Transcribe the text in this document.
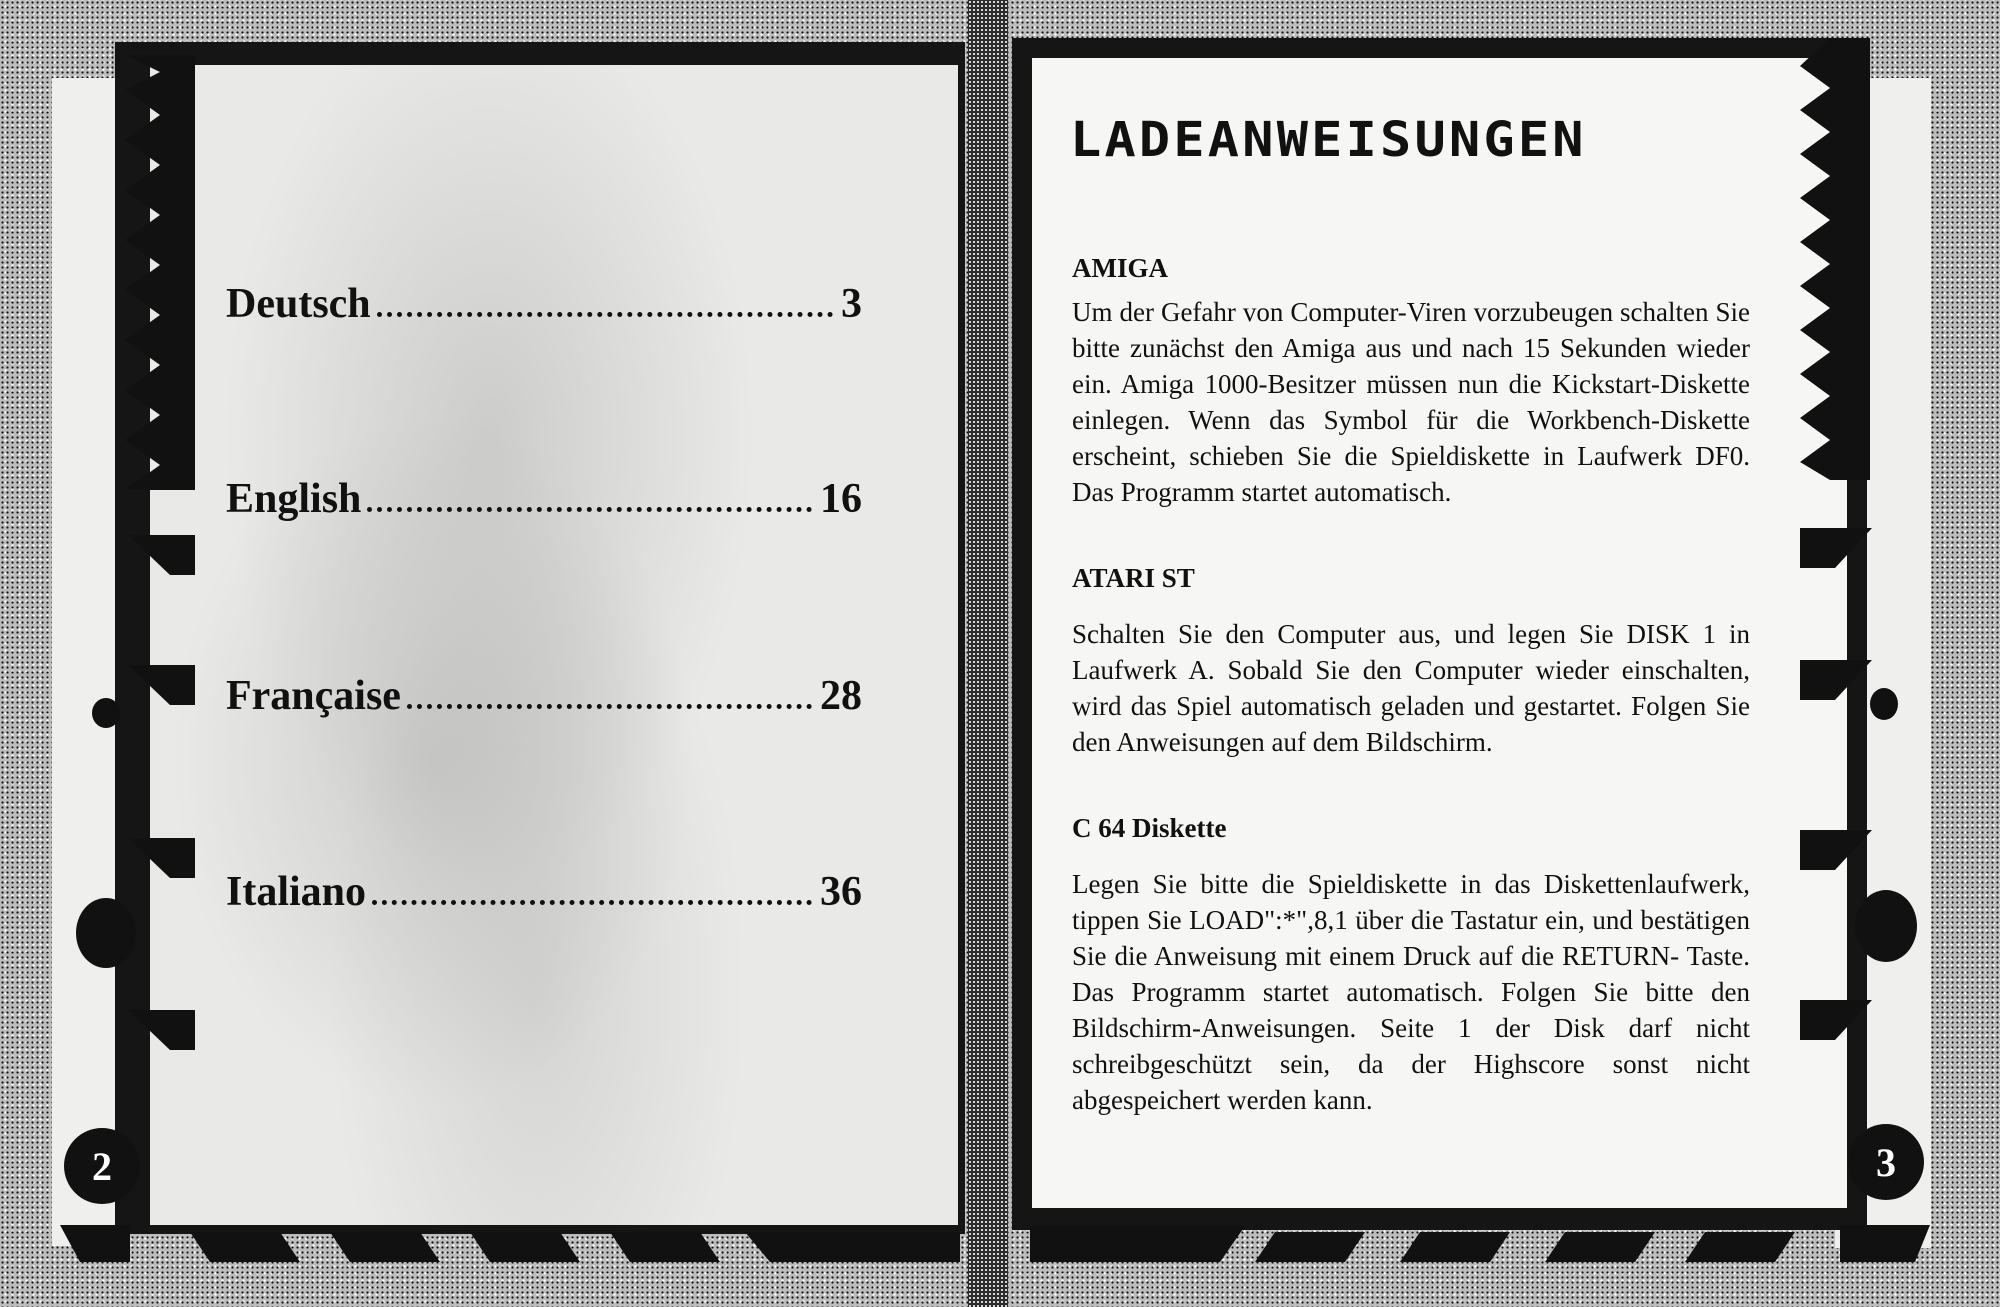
Deutsch	3
English	16
Française	28
Italiano	36
LADEANWEISUNGEN

AMIGA

Um der Gefahr von Computer-Viren vorzubeugen schalten Sie bitte zunächst den Amiga aus und nach 15 Sekunden wieder ein. Amiga 1000-Besitzer müssen nun die Kickstart-Diskette einlegen. Wenn das Symbol für die Workbench-Diskette erscheint, schieben Sie die Spieldiskette in Laufwerk DF0. Das Programm startet automatisch.

ATARI ST

Schalten Sie den Computer aus, und legen Sie DISK 1 in Laufwerk A. Sobald Sie den Computer wieder einschalten, wird das Spiel automatisch geladen und gestartet. Folgen Sie den Anweisungen auf dem Bildschirm.

C 64 Diskette

Legen Sie bitte die Spieldiskette in das Diskettenlaufwerk, tippen Sie LOAD":*",8,1 über die Tastatur ein, und bestätigen Sie die Anweisung mit einem Druck auf die RETURN- Taste. Das Programm startet automatisch. Folgen Sie bitte den Bildschirm-Anweisungen. Seite 1 der Disk darf nicht schreibgeschützt sein, da der Highscore sonst nicht abgespeichert werden kann.

2	3
